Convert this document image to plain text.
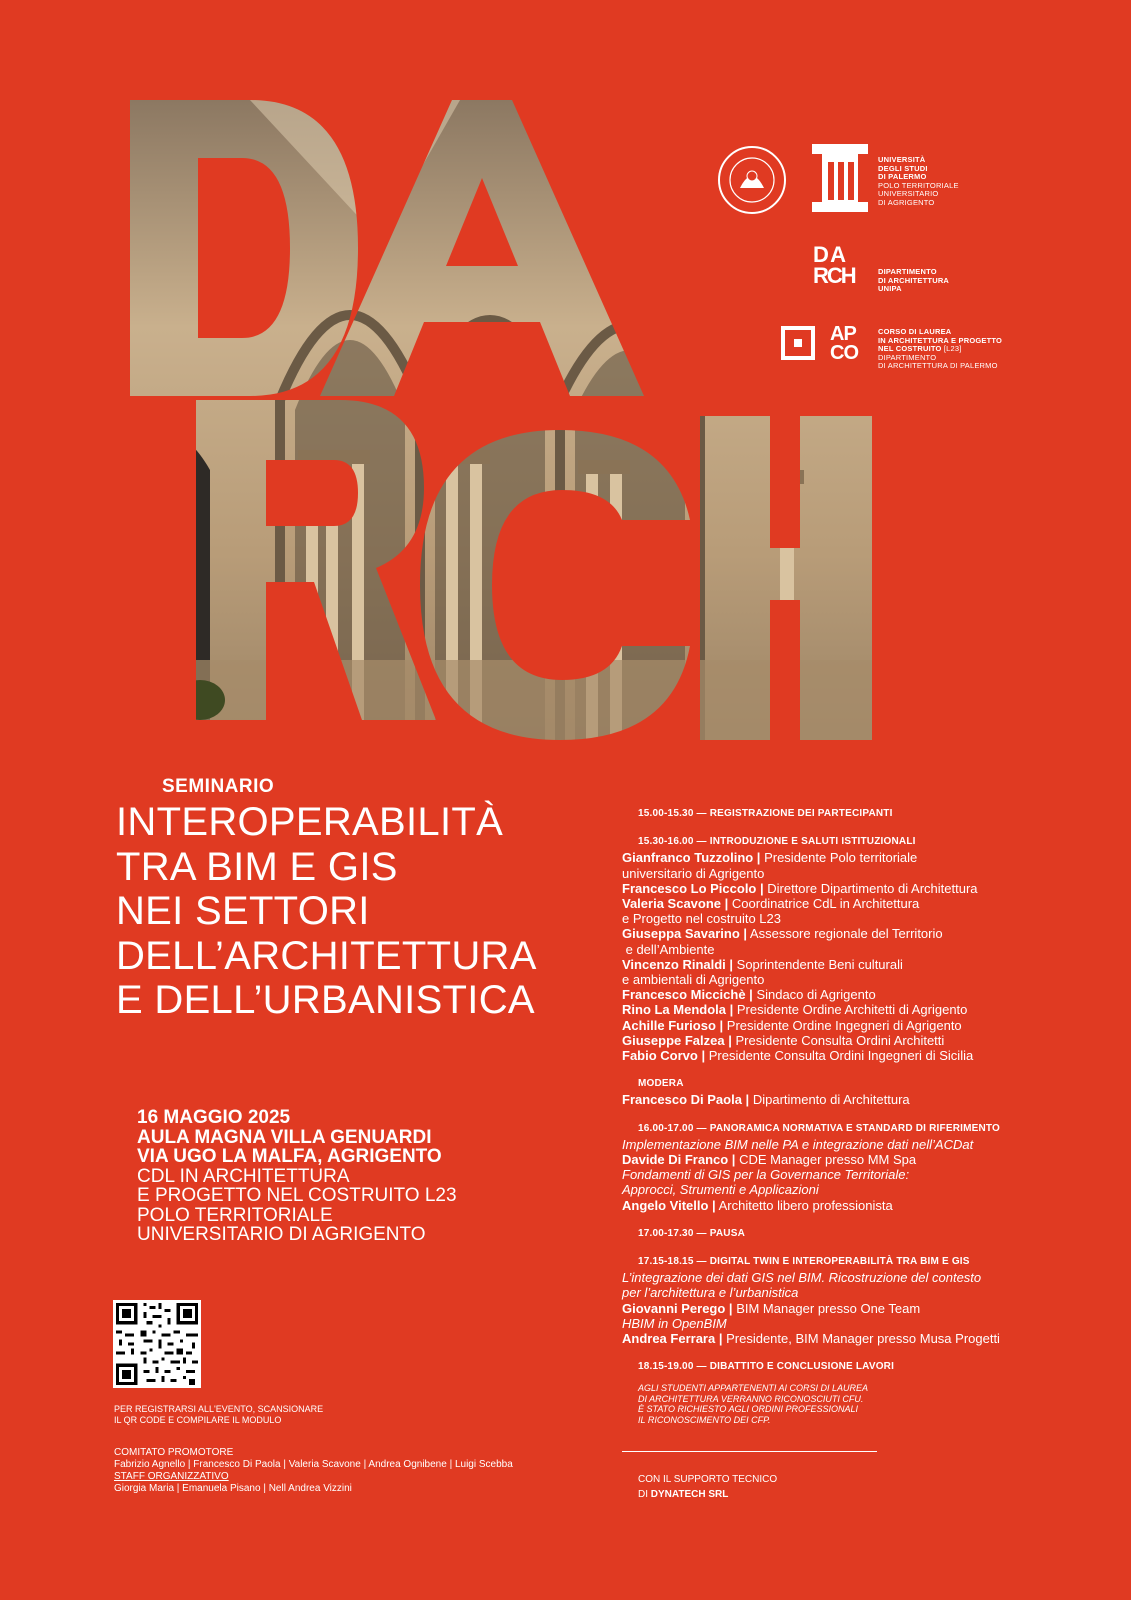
UNIVERSITÀ
DEGLI STUDI
DI PALERMO
POLO TERRITORIALE
UNIVERSITARIO
DI AGRIGENTO
D A
RCH	DIPARTIMENTO
DI ARCHITETTURA
UNIPA
AP
CO
CORSO DI LAUREA
IN ARCHITETTURA E PROGETTO
NEL COSTRUITO [L23]
DIPARTIMENTO
DI ARCHITETTURA DI PALERMO
SEMINARIO
INTEROPERABILITÀ
TRA BIM E GIS
NEI SETTORI
DELL’ARCHITETTURA
E DELL’URBANISTICA
16 MAGGIO 2025
AULA MAGNA VILLA GENUARDI
VIA UGO LA MALFA, AGRIGENTO
CDL IN ARCHITETTURA
E PROGETTO NEL COSTRUITO L23
POLO TERRITORIALE
UNIVERSITARIO DI AGRIGENTO
PER REGISTRARSI ALL'EVENTO, SCANSIONARE
IL QR CODE E COMPILARE IL MODULO
COMITATO PROMOTORE
Fabrizio Agnello | Francesco Di Paola | Valeria Scavone | Andrea Ognibene | Luigi Scebba
STAFF ORGANIZZATIVO
Giorgia Maria | Emanuela Pisano | Nell Andrea Vizzini
15.00-15.30 — REGISTRAZIONE DEI PARTECIPANTI
15.30-16.00 — INTRODUZIONE E SALUTI ISTITUZIONALI
Gianfranco Tuzzolino | Presidente Polo territoriale
universitario di Agrigento
Francesco Lo Piccolo | Direttore Dipartimento di Architettura
Valeria Scavone | Coordinatrice CdL in Architettura
e Progetto nel costruito L23
Giuseppa Savarino | Assessore regionale del Territorio
e dell’Ambiente
Vincenzo Rinaldi | Soprintendente Beni culturali
e ambientali di Agrigento
Francesco Miccichè | Sindaco di Agrigento
Rino La Mendola | Presidente Ordine Architetti di Agrigento
Achille Furioso | Presidente Ordine Ingegneri di Agrigento
Giuseppe Falzea | Presidente Consulta Ordini Architetti
Fabio Corvo | Presidente Consulta Ordini Ingegneri di Sicilia
MODERA
Francesco Di Paola | Dipartimento di Architettura
16.00-17.00 — PANORAMICA NORMATIVA E STANDARD DI RIFERIMENTO
Implementazione BIM nelle PA e integrazione dati nell’ACDat
Davide Di Franco | CDE Manager presso MM Spa
Fondamenti di GIS per la Governance Territoriale:
Approcci, Strumenti e Applicazioni
Angelo Vitello | Architetto libero professionista
17.00-17.30 — PAUSA
17.15-18.15 — DIGITAL TWIN E INTEROPERABILITÀ TRA BIM E GIS
L’integrazione dei dati GIS nel BIM. Ricostruzione del contesto
per l’architettura e l’urbanistica
Giovanni Perego | BIM Manager presso One Team
HBIM in OpenBIM
Andrea Ferrara | Presidente, BIM Manager presso Musa Progetti
18.15-19.00 — DIBATTITO E CONCLUSIONE LAVORI
AGLI STUDENTI APPARTENENTI AI CORSI DI LAUREA
DI ARCHITETTURA VERRANNO RICONOSCIUTI CFU.
È STATO RICHIESTO AGLI ORDINI PROFESSIONALI
IL RICONOSCIMENTO DEI CFP.
CON IL SUPPORTO TECNICO
DI DYNATECH SRL
